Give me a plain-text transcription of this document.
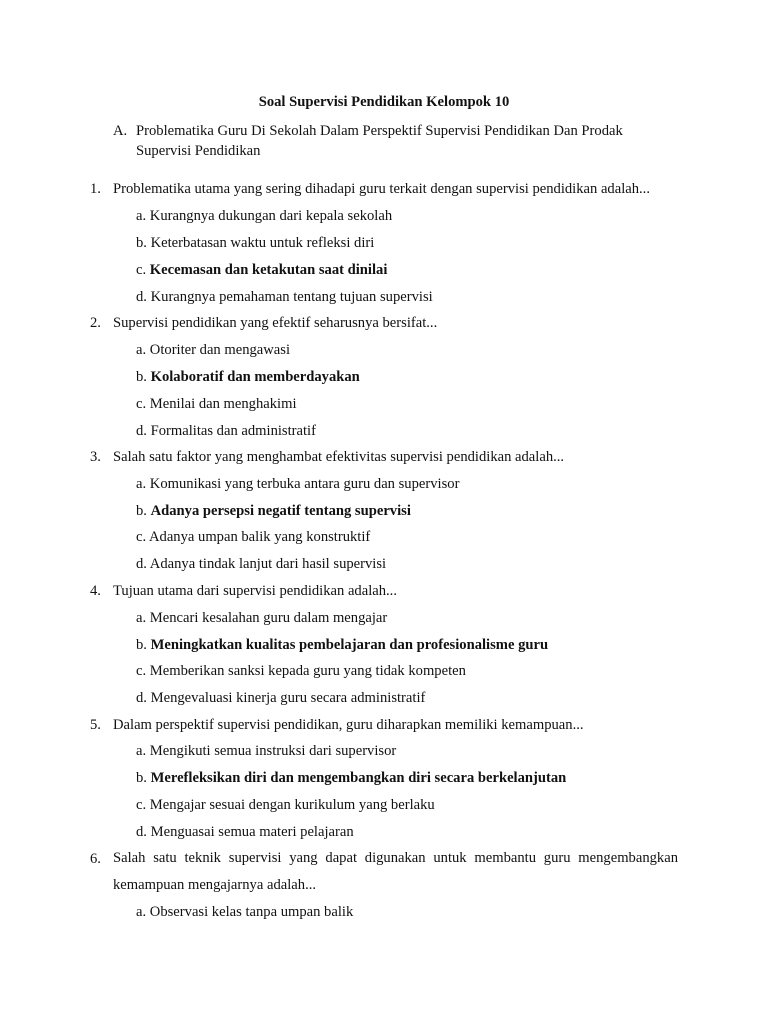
Soal Supervisi Pendidikan Kelompok 10
A. Problematika Guru Di Sekolah Dalam Perspektif Supervisi Pendidikan Dan Prodak Supervisi Pendidikan
1. Problematika utama yang sering dihadapi guru terkait dengan supervisi pendidikan adalah...
a. Kurangnya dukungan dari kepala sekolah
b. Keterbatasan waktu untuk refleksi diri
c. Kecemasan dan ketakutan saat dinilai
d. Kurangnya pemahaman tentang tujuan supervisi
2. Supervisi pendidikan yang efektif seharusnya bersifat...
a. Otoriter dan mengawasi
b. Kolaboratif dan memberdayakan
c. Menilai dan menghakimi
d. Formalitas dan administratif
3. Salah satu faktor yang menghambat efektivitas supervisi pendidikan adalah...
a. Komunikasi yang terbuka antara guru dan supervisor
b. Adanya persepsi negatif tentang supervisi
c. Adanya umpan balik yang konstruktif
d. Adanya tindak lanjut dari hasil supervisi
4. Tujuan utama dari supervisi pendidikan adalah...
a. Mencari kesalahan guru dalam mengajar
b. Meningkatkan kualitas pembelajaran dan profesionalisme guru
c. Memberikan sanksi kepada guru yang tidak kompeten
d. Mengevaluasi kinerja guru secara administratif
5. Dalam perspektif supervisi pendidikan, guru diharapkan memiliki kemampuan...
a. Mengikuti semua instruksi dari supervisor
b. Merefleksikan diri dan mengembangkan diri secara berkelanjutan
c. Mengajar sesuai dengan kurikulum yang berlaku
d. Menguasai semua materi pelajaran
6. Salah satu teknik supervisi yang dapat digunakan untuk membantu guru mengembangkan kemampuan mengajarnya adalah...
a. Observasi kelas tanpa umpan balik
